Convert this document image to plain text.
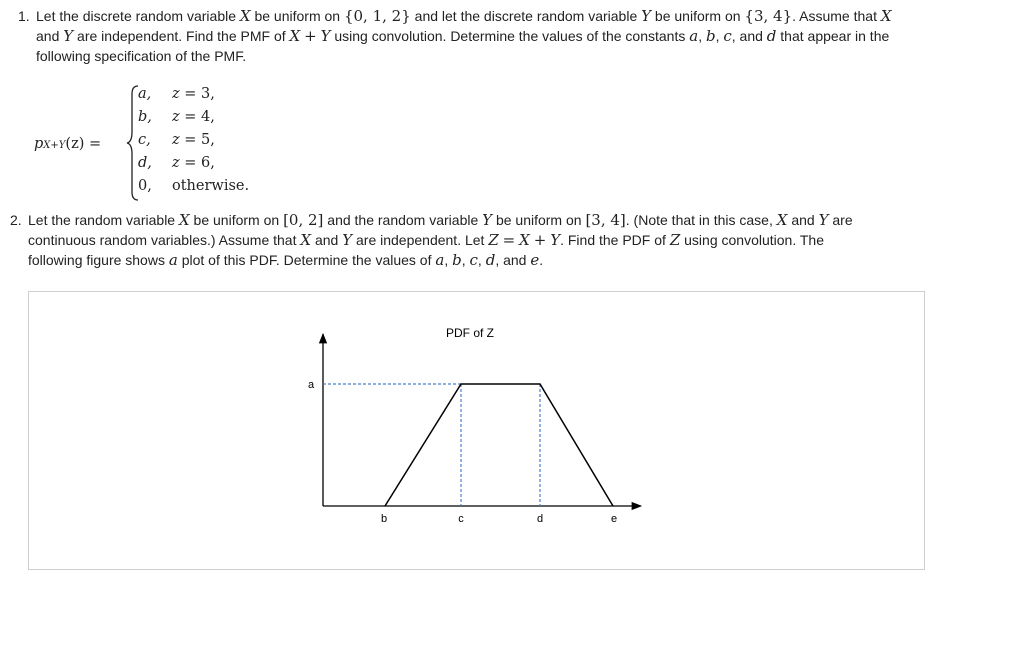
1. Let the discrete random variable X be uniform on {0, 1, 2} and let the discrete random variable Y be uniform on {3, 4}. Assume that X
and Y are independent. Find the PMF of X + Y using convolution. Determine the values of the constants a, b, c, and d that appear in the
following specification of the PMF.
pX+Y(z) =
a,	z = 3,
b,	z = 4,
c,	z = 5,
d,	z = 6,
0,	otherwise.
2. Let the random variable X be uniform on [0, 2] and the random variable Y be uniform on [3, 4]. (Note that in this case, X and Y are
continuous random variables.) Assume that X and Y are independent. Let Z = X + Y. Find the PDF of Z using convolution. The
following figure shows a plot of this PDF. Determine the values of a, b, c, d, and e.
PDF of Z
a
b	c	d	e
